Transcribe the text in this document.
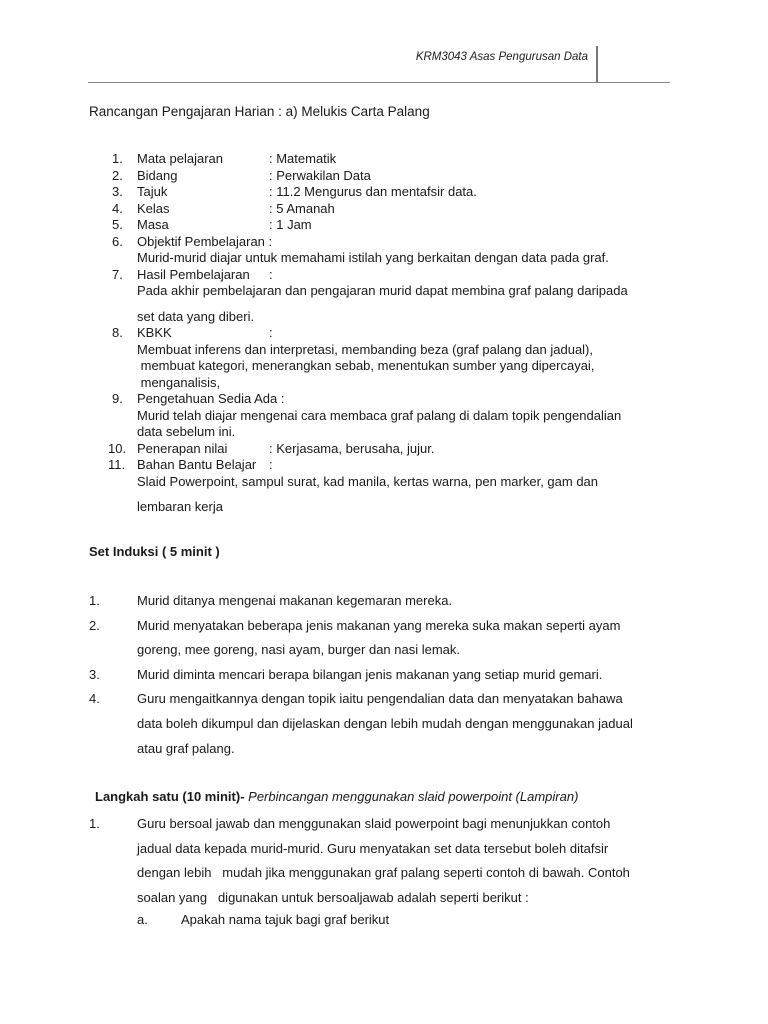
KRM3043 Asas Pengurusan Data
Rancangan Pengajaran Harian : a) Melukis Carta Palang
1.	Mata pelajaran	: Matematik
2.	Bidang	: Perwakilan Data
3.	Tajuk	: 11.2 Mengurus dan mentafsir data.
4.	Kelas	: 5 Amanah
5.	Masa	: 1 Jam
6.	Objektif Pembelajaran :
Murid-murid diajar untuk memahami istilah yang berkaitan dengan data pada graf.
7.	Hasil Pembelajaran :
Pada akhir pembelajaran dan pengajaran murid dapat membina graf palang daripada
set data yang diberi.
8.	KBKK	:
Membuat inferens dan interpretasi, membanding beza (graf palang dan jadual),
membuat kategori, menerangkan sebab, menentukan sumber yang dipercayai,
menganalisis,
9.	Pengetahuan Sedia Ada :
Murid telah diajar mengenai cara membaca graf palang di dalam topik pengendalian
data sebelum ini.
10. Penerapan nilai	: Kerjasama, berusaha, jujur.
11. Bahan Bantu Belajar :
Slaid Powerpoint, sampul surat, kad manila, kertas warna, pen marker, gam dan
lembaran kerja
Set Induksi ( 5 minit )
1.	Murid ditanya mengenai makanan kegemaran mereka.
2.	Murid menyatakan beberapa jenis makanan yang mereka suka makan seperti ayam
goreng, mee goreng, nasi ayam, burger dan nasi lemak.
3.	Murid diminta mencari berapa bilangan jenis makanan yang setiap murid gemari.
4.	Guru mengaitkannya dengan topik iaitu pengendalian data dan menyatakan bahawa
data boleh dikumpul dan dijelaskan dengan lebih mudah dengan menggunakan jadual
atau graf palang.
Langkah satu (10 minit)- Perbincangan menggunakan slaid powerpoint (Lampiran)
1.	Guru bersoal jawab dan menggunakan slaid powerpoint bagi menunjukkan contoh
jadual data kepada murid-murid. Guru menyatakan set data tersebut boleh ditafsir
dengan lebih   mudah jika menggunakan graf palang seperti contoh di bawah. Contoh
soalan yang   digunakan untuk bersoaljawab adalah seperti berikut :
a.	Apakah nama tajuk bagi graf berikut
